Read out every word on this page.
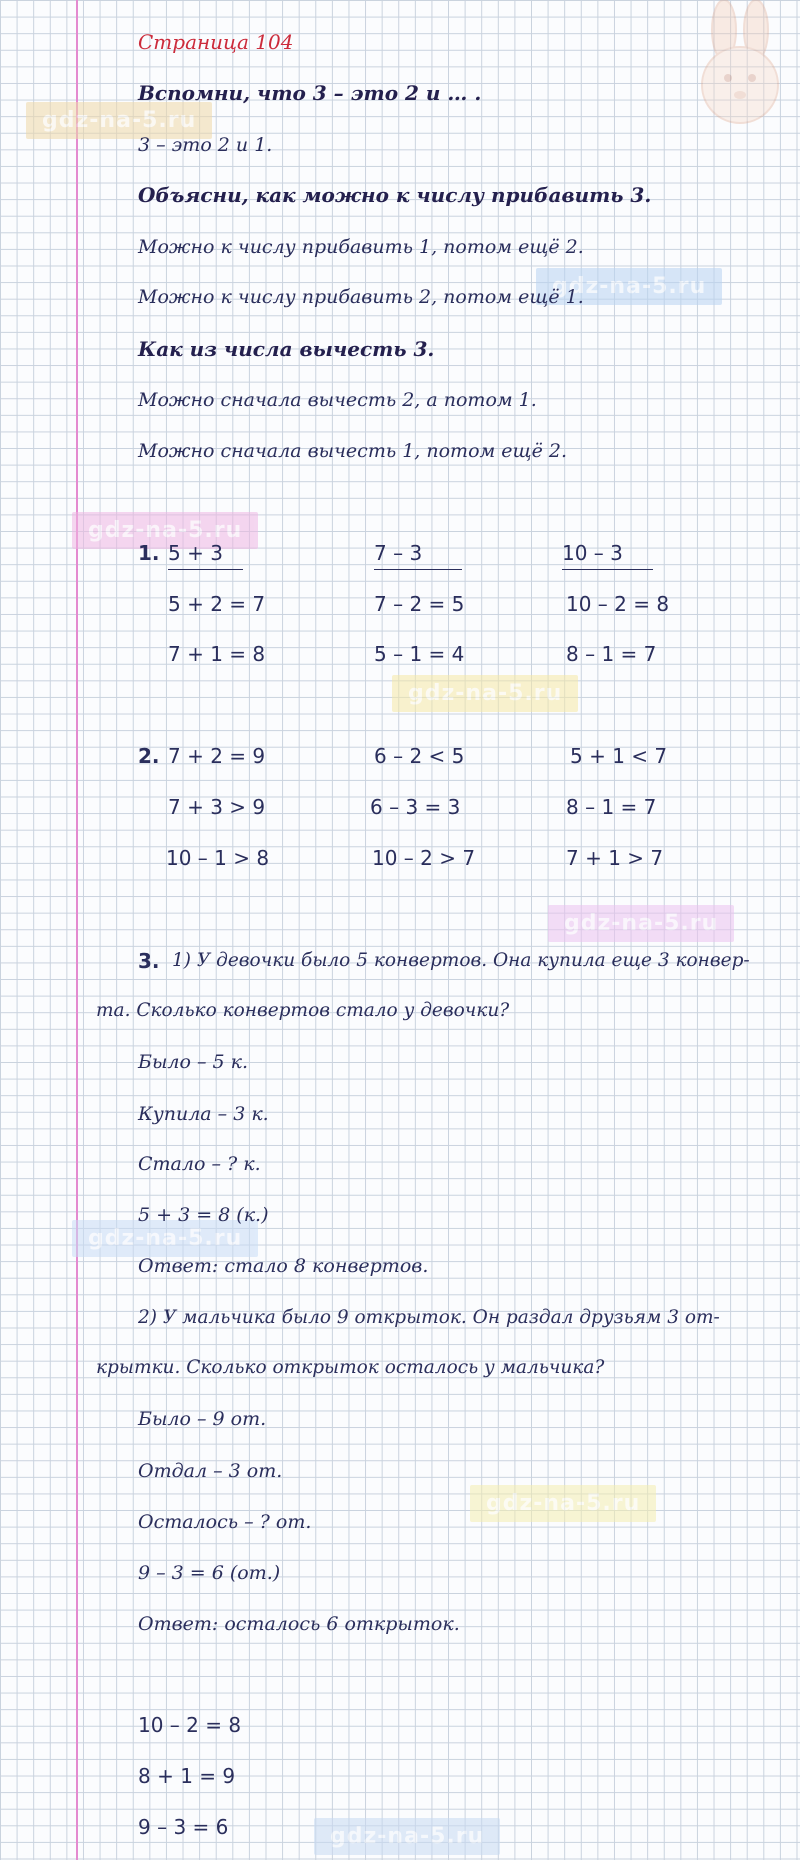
gdz-na-5.ru
gdz-na-5.ru
gdz-na-5.ru
gdz-na-5.ru
gdz-na-5.ru
gdz-na-5.ru
gdz-na-5.ru
gdz-na-5.ru
Страница 104
Вспомни, что 3 – это 2 и … .
3 – это 2 и 1.
Объясни, как можно к числу прибавить 3.
Можно к числу прибавить 1, потом ещё 2.
Можно к числу прибавить 2, потом ещё 1.
Как из числа вычесть 3.
Можно сначала вычесть 2, а потом 1.
Можно сначала вычесть 1, потом ещё 2.
1. 5 + 3	7 – 3	10 – 3
5 + 2 = 7
7 + 1 = 8
7 – 2 = 5
5 – 1 = 4
10 – 2 = 8
8 – 1 = 7
2. 7 + 2 = 9
7 + 3 > 9
10 – 1 > 8
6 – 2 < 5
6 – 3 = 3
10 – 2 > 7
5 + 1 < 7
8 – 1 = 7
7 + 1 > 7
3. 1) У девочки было 5 конвертов. Она купила еще 3 конвер-
та. Сколько конвертов стало у девочки?
Было – 5 к.
Купила – 3 к.
Стало – ? к.
5 + 3 = 8 (к.)
Ответ: стало 8 конвертов.
2) У мальчика было 9 открыток. Он раздал друзьям 3 от-
крытки. Сколько открыток осталось у мальчика?
Было – 9 от.
Отдал – 3 от.
Осталось – ? от.
9 – 3 = 6 (от.)
Ответ: осталось 6 открыток.
10 – 2 = 8
8 + 1 = 9
9 – 3 = 6
